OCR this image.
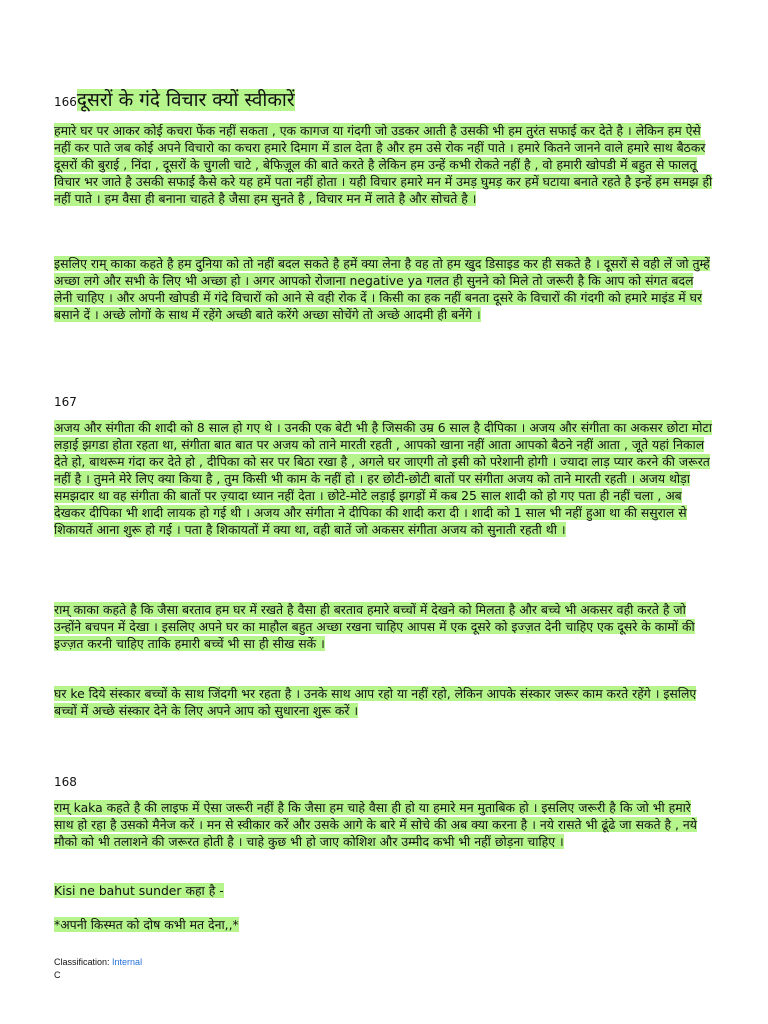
166दूसरों के गंदे विचार क्यों स्वीकारें

हमारे घर पर आकर कोई कचरा फेंक नहीं सकता , एक कागज या गंदगी जो उडकर आती है उसकी भी हम तुरंत सफाई कर देते है । लेकिन हम ऐसे नहीं कर पाते जब कोई अपने विचारो का कचरा हमारे दिमाग में डाल देता है और हम उसे रोक नहीं पाते । हमारे कितने जानने वाले हमारे साथ बैठकर दूसरों की बुराई , निंदा , दूसरों के चुगली चाटे , बेफिज़ूल की बाते करते है लेकिन हम उन्हें कभी रोकते नहीं है , वो हमारी खोपडी में बहुत से फालतू विचार भर जाते है उसकी सफाई कैसे करे यह हमें पता नहीं होता । यही विचार हमारे मन में उमड़ घुमड़ कर हमें घटाया बनाते रहते है इन्हें हम समझ ही नहीं पाते । हम वैसा ही बनाना चाहते है जैसा हम सुनते है , विचार मन में लाते है और सोचते है ।

इसलिए राम् काका कहते है हम दुनिया को तो नहीं बदल सकते है हमें क्या लेना है वह तो हम खुद डिसाइड कर ही सकते है । दूसरों से वही लें जो तुम्हें अच्छा लगे और सभी के लिए भी अच्छा हो । अगर आपको रोजाना negative ya गलत ही सुनने को मिले तो जरूरी है कि आप को संगत बदल लेनी चाहिए । और अपनी खोपडी में गंदे विचारों को आने से वही रोक दें । किसी का हक नहीं बनता दूसरे के विचारों की गंदगी को हमारे माइंड में घर बसाने दें । अच्छे लोगों के साथ में रहेंगे अच्छी बाते करेंगे अच्छा सोचेंगे तो अच्छे आदमी ही बनेंगे ।

167

अजय और संगीता की शादी को 8 साल हो गए थे । उनकी एक बेटी भी है जिसकी उम्र 6 साल है दीपिका । अजय और संगीता का अकसर छोटा मोटा लड़ाई झगडा होता रहता था, संगीता बात बात पर अजय को ताने मारती रहती , आपको खाना नहीं आता आपको बैठने नहीं आता , जूते यहां निकाल देते हो, बाथरूम गंदा कर देते हो , दीपिका को सर पर बिठा रखा है , अगले घर जाएगी तो इसी को परेशानी होगी । ज्यादा लाड़ प्यार करने की जरूरत नहीं है । तुमने मेरे लिए क्या किया है , तुम किसी भी काम के नहीं हो । हर छोटी-छोटी बातों पर संगीता अजय को ताने मारती रहती । अजय थोड़ा समझदार था वह संगीता की बातों पर ज़्यादा ध्यान नहीं देता । छोटे-मोटे लड़ाई झगड़ों में कब 25 साल शादी को हो गए पता ही नहीं चला , अब देखकर दीपिका भी शादी लायक हो गई थी । अजय और संगीता ने दीपिका की शादी करा दी । शादी को 1 साल भी नहीं हुआ था की ससुराल से शिकायतें आना शुरू हो गई । पता है शिकायतों में क्या था, वही बातें जो अकसर संगीता अजय को सुनाती रहती थी ।

राम् काका कहते है कि जैसा बरताव हम घर में रखते है वैसा ही बरताव हमारे बच्चों में देखने को मिलता है और बच्चे भी अकसर वही करते है जो उन्होंने बचपन में देखा । इसलिए अपने घर का माहौल बहुत अच्छा रखना चाहिए आपस में एक दूसरे को इज्ज़त देनी चाहिए एक दूसरे के कामों की इज्ज़त करनी चाहिए ताकि हमारी बच्चें भी सा ही सीख सकें ।

घर ke दिये संस्कार बच्चों के साथ जिंदगी भर रहता है । उनके साथ आप रहो या नहीं रहो, लेकिन आपके संस्कार जरूर काम करते रहेंगे । इसलिए बच्चों में अच्छे संस्कार देने के लिए अपने आप को सुधारना शुरू करें ।

168

राम् kaka कहते है की लाइफ में ऐसा जरूरी नहीं है कि जैसा हम चाहे वैसा ही हो या हमारे मन मुताबिक हो । इसलिए जरूरी है कि जो भी हमारे साथ हो रहा है उसको मैनेज करें । मन से स्वीकार करें और उसके आगे के बारे में सोचे की अब क्या करना है । नये रासते भी ढूंढे जा सकते है , नये मौको को भी तलाशने की जरूरत होती है । चाहे कुछ भी हो जाए कोशिश और उम्मीद कभी भी नहीं छोड़ना चाहिए ।

Kisi ne bahut sunder कहा है -

*अपनी किस्मत को दोष कभी मत देना,,*

Classification: Internal
C
